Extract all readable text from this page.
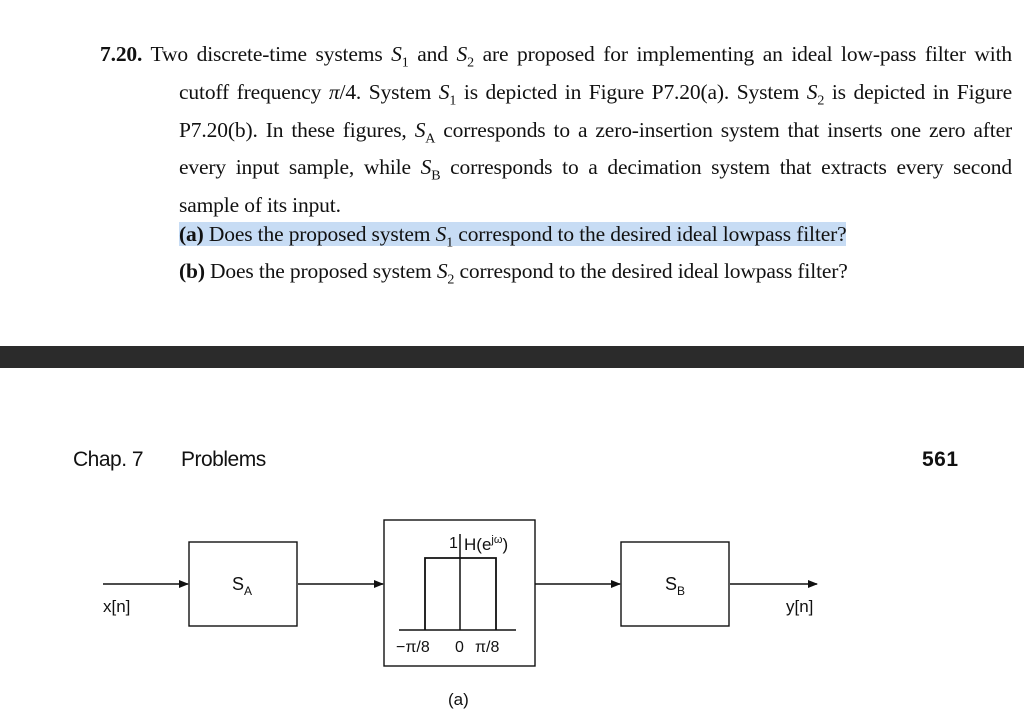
7.20. Two discrete-time systems $S_1$ and $S_2$ are proposed for implementing an ideal low-pass filter with cutoff frequency π/4. System $S_1$ is depicted in Figure P7.20(a). System $S_2$ is depicted in Figure P7.20(b). In these figures, $S_A$ corresponds to a zero-insertion system that inserts one zero after every input sample, while $S_B$ corresponds to a decimation system that extracts every second sample of its input.

(a) Does the proposed system $S_1$ correspond to the desired ideal lowpass filter?
(b) Does the proposed system $S_2$ correspond to the desired ideal lowpass filter?
Chap. 7 Problems	561
x[n]
$S_A$
1 $H(e^{j\omega})$
−π/8 0 π/8
$S_B$
y[n]
(a)
